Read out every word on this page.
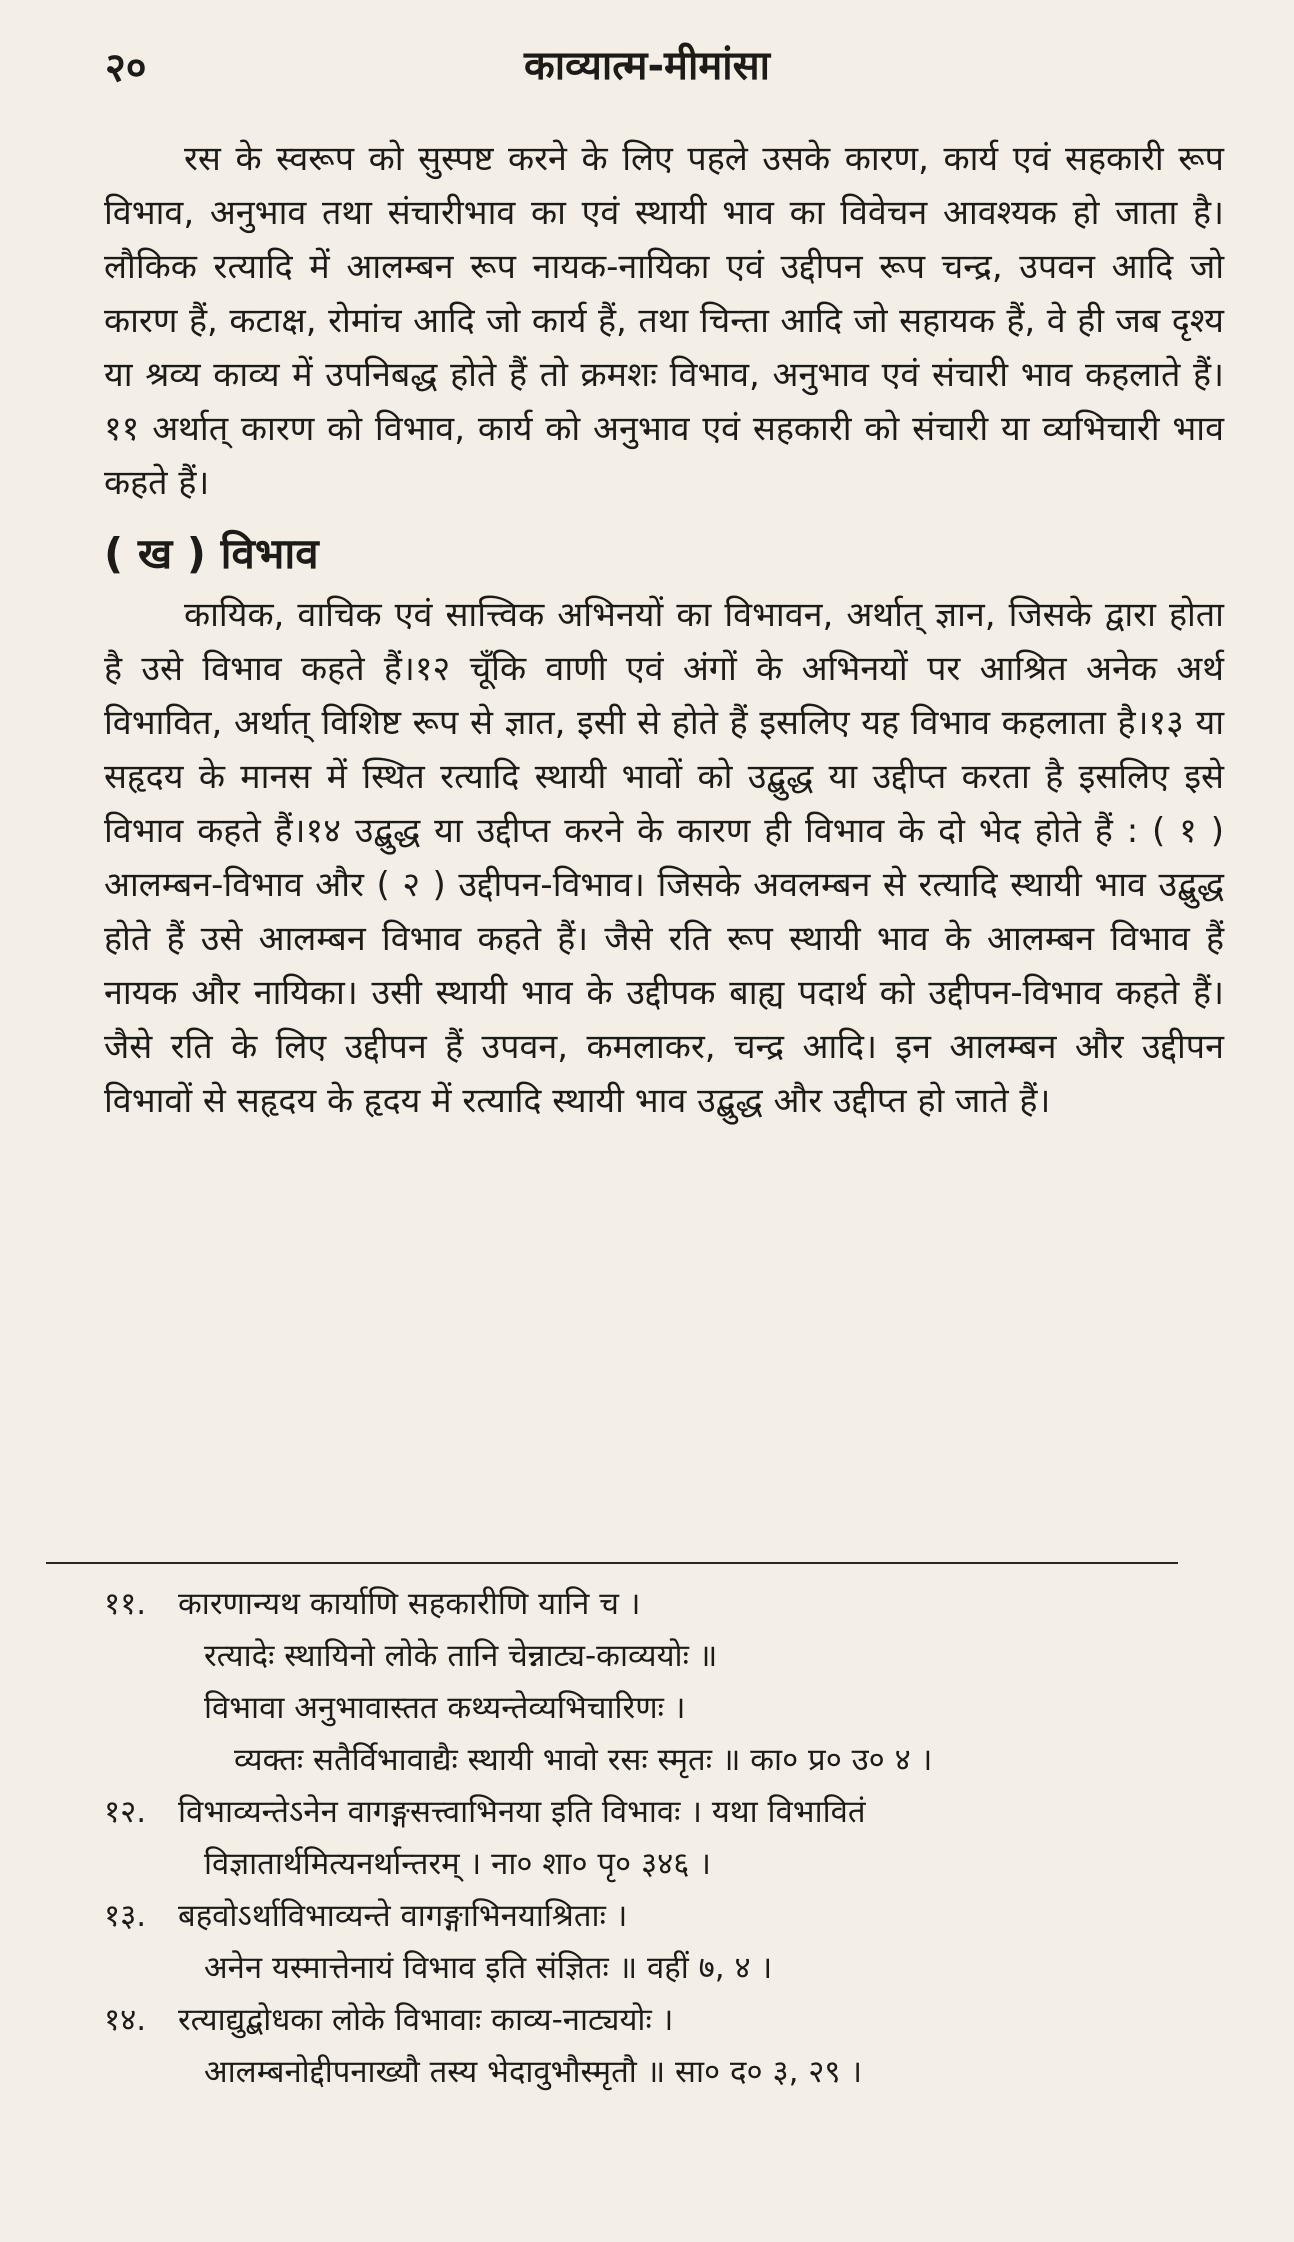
२०	काव्यात्म-मीमांसा

रस के स्वरूप को सुस्पष्ट करने के लिए पहले उसके कारण, कार्य एवं सहकारी रूप विभाव, अनुभाव तथा संचारीभाव का एवं स्थायी भाव का विवेचन आवश्यक हो जाता है। लौकिक रत्यादि में आलम्बन रूप नायक-नायिका एवं उद्दीपन रूप चन्द्र, उपवन आदि जो कारण हैं, कटाक्ष, रोमांच आदि जो कार्य हैं, तथा चिन्ता आदि जो सहायक हैं, वे ही जब दृश्य या श्रव्य काव्य में उपनिबद्ध होते हैं तो क्रमशः विभाव, अनुभाव एवं संचारी भाव कहलाते हैं।११ अर्थात् कारण को विभाव, कार्य को अनुभाव एवं सहकारी को संचारी या व्यभिचारी भाव कहते हैं।

( ख ) विभाव

कायिक, वाचिक एवं सात्त्विक अभिनयों का विभावन, अर्थात् ज्ञान, जिसके द्वारा होता है उसे विभाव कहते हैं।१२ चूँकि वाणी एवं अंगों के अभिनयों पर आश्रित अनेक अर्थ विभावित, अर्थात् विशिष्ट रूप से ज्ञात, इसी से होते हैं इसलिए यह विभाव कहलाता है।१३ या सहृदय के मानस में स्थित रत्यादि स्थायी भावों को उद्बुद्ध या उद्दीप्त करता है इसलिए इसे विभाव कहते हैं।१४ उद्बुद्ध या उद्दीप्त करने के कारण ही विभाव के दो भेद होते हैं : ( १ ) आलम्बन-विभाव और ( २ ) उद्दीपन-विभाव। जिसके अवलम्बन से रत्यादि स्थायी भाव उद्बुद्ध होते हैं उसे आलम्बन विभाव कहते हैं। जैसे रति रूप स्थायी भाव के आलम्बन विभाव हैं नायक और नायिका। उसी स्थायी भाव के उद्दीपक बाह्य पदार्थ को उद्दीपन-विभाव कहते हैं। जैसे रति के लिए उद्दीपन हैं उपवन, कमलाकर, चन्द्र आदि। इन आलम्बन और उद्दीपन विभावों से सहृदय के हृदय में रत्यादि स्थायी भाव उद्बुद्ध और उद्दीप्त हो जाते हैं।

११. कारणान्यथ कार्याणि सहकारीणि यानि च ।
रत्यादेः स्थायिनो लोके तानि चेन्नाट्य-काव्ययोः ॥
विभावा अनुभावास्तत कथ्यन्तेव्यभिचारिणः ।
व्यक्तः सतैर्विभावाद्यैः स्थायी भावो रसः स्मृतः ॥ का० प्र० उ० ४ ।
१२. विभाव्यन्तेऽनेन वागङ्गसत्त्वाभिनया इति विभावः । यथा विभावितं
विज्ञातार्थमित्यनर्थान्तरम् । ना० शा० पृ० ३४६ ।
१३. बहवोऽर्थाविभाव्यन्ते वागङ्गाभिनयाश्रिताः ।
अनेन यस्मात्तेनायं विभाव इति संज्ञितः ॥ वहीं ७, ४ ।
१४. रत्याद्युद्बोधका लोके विभावाः काव्य-नाट्ययोः ।
आलम्बनोद्दीपनाख्यौ तस्य भेदावुभौस्मृतौ ॥ सा० द० ३, २९ ।
